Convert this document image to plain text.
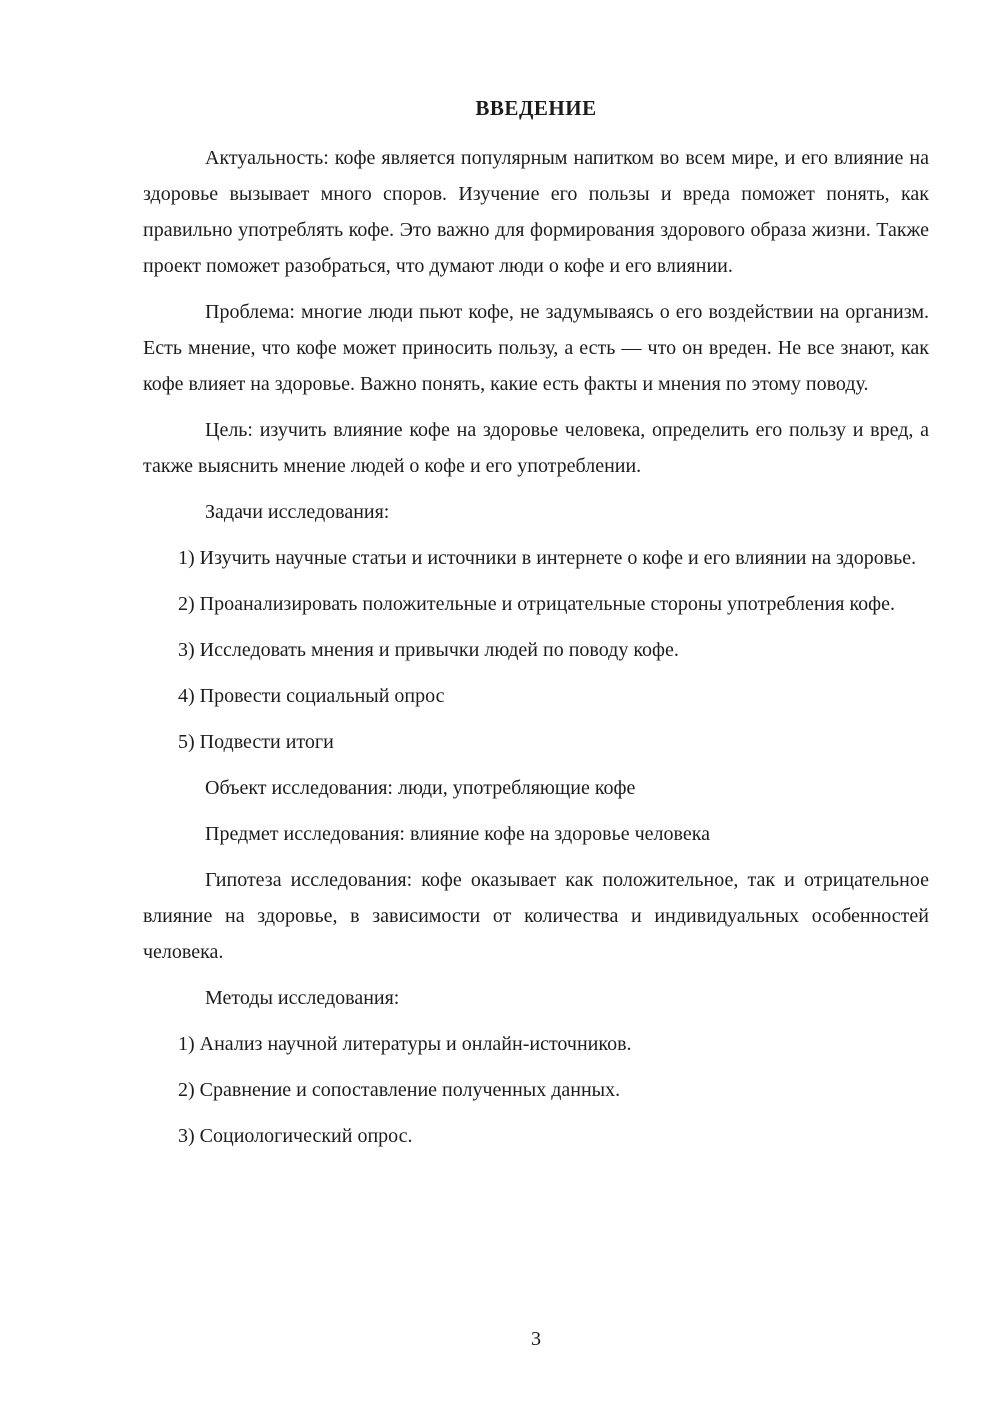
ВВЕДЕНИЕ

Актуальность: кофе является популярным напитком во всем мире, и его влияние на здоровье вызывает много споров. Изучение его пользы и вреда поможет понять, как правильно употреблять кофе. Это важно для формирования здорового образа жизни. Также проект поможет разобраться, что думают люди о кофе и его влиянии.

Проблема: многие люди пьют кофе, не задумываясь о его воздействии на организм. Есть мнение, что кофе может приносить пользу, а есть — что он вреден. Не все знают, как кофе влияет на здоровье. Важно понять, какие есть факты и мнения по этому поводу.

Цель: изучить влияние кофе на здоровье человека, определить его пользу и вред, а также выяснить мнение людей о кофе и его употреблении.

Задачи исследования:

1) Изучить научные статьи и источники в интернете о кофе и его влиянии на здоровье.

2) Проанализировать положительные и отрицательные стороны употребления кофе.

3) Исследовать мнения и привычки людей по поводу кофе.

4) Провести социальный опрос

5) Подвести итоги

Объект исследования: люди, употребляющие кофе

Предмет исследования: влияние кофе на здоровье человека

Гипотеза исследования: кофе оказывает как положительное, так и отрицательное влияние на здоровье, в зависимости от количества и индивидуальных особенностей человека.

Методы исследования:

1) Анализ научной литературы и онлайн-источников.

2) Сравнение и сопоставление полученных данных.

3) Социологический опрос.

3
